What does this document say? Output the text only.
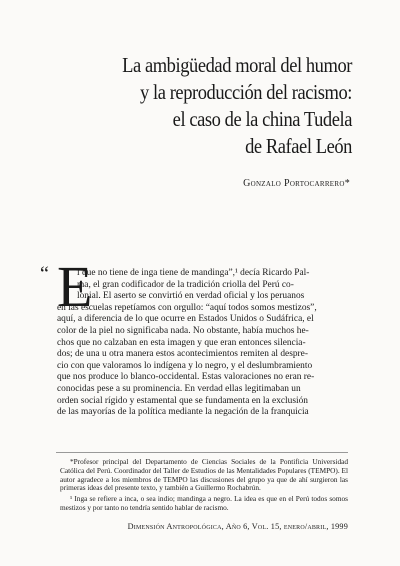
La ambigüedad moral del humor
y la reproducción del racismo:
el caso de la china Tudela
de Rafael León
Gonzalo Portocarrero*
“ E
l que no tiene de inga tiene de mandinga”,¹ decía Ricardo Pal-
ma, el gran codificador de la tradición criolla del Perú co-
lonial. El aserto se convirtió en verdad oficial y los peruanos
en las escuelas repetíamos con orgullo: “aquí todos somos mestizos”,
aquí, a diferencia de lo que ocurre en Estados Unidos o Sudáfrica, el
color de la piel no significaba nada. No obstante, había muchos he-
chos que no calzaban en esta imagen y que eran entonces silencia-
dos; de una u otra manera estos acontecimientos remiten al despre-
cio con que valoramos lo indígena y lo negro, y el deslumbramiento
que nos produce lo blanco-occidental. Estas valoraciones no eran re-
conocidas pese a su prominencia. En verdad ellas legitimaban un
orden social rígido y estamental que se fundamenta en la exclusión
de las mayorías de la política mediante la negación de la franquicia

*Profesor principal del Departamento de Ciencias Sociales de la Pontificia Universidad Católica del Perú. Coordinador del Taller de Estudios de las Mentalidades Populares (TEMPO). El autor agradece a los miembros de TEMPO las discusiones del grupo ya que de ahí surgieron las primeras ideas del presente texto, y también a Guillermo Rochabrún.

¹ Inga se refiere a inca, o sea indio; mandinga a negro. La idea es que en el Perú todos somos mestizos y por tanto no tendría sentido hablar de racismo.

Dimensión Antropológica, Año 6, Vol. 15, enero/abril, 1999
